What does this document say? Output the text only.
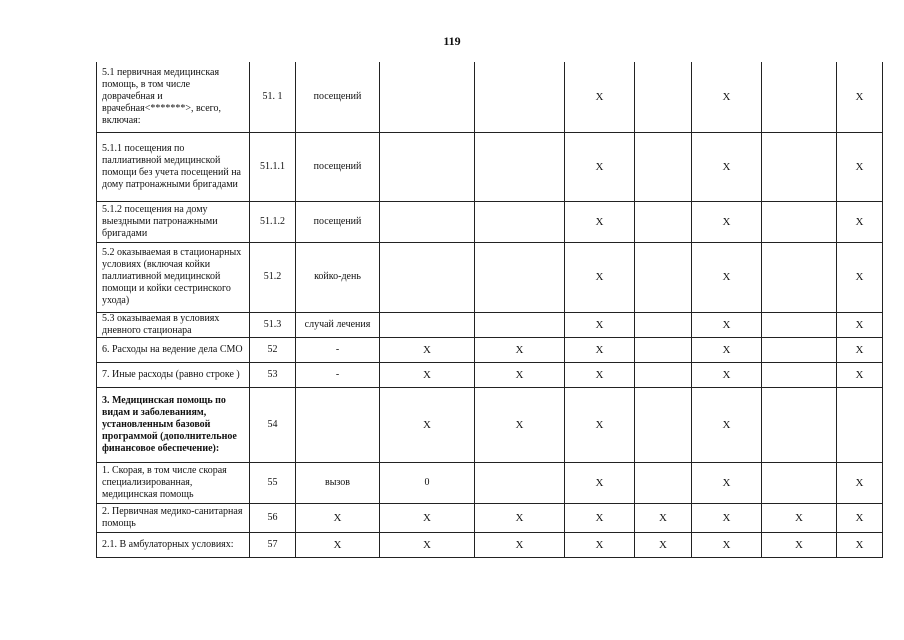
119
5.1 первичная медицинская помощь, в том числе доврачебная и врачебная<*******>, всего, включая:	51. 1	посещений			X		X		X
5.1.1 посещения по паллиативной медицинской помощи без учета посещений на дому патронажными бригадами	51.1.1	посещений			X		X		X
5.1.2 посещения на дому выездными патронажными бригадами	51.1.2	посещений			X		X		X
5.2 оказываемая в стационарных условиях (включая койки паллиативной медицинской помощи и койки сестринского ухода)	51.2	койко-день			X		X		X
5.3 оказываемая в условиях дневного стационара	51.3	случай лечения			X		X		X
6. Расходы на ведение дела СМО	52	-	X	X	X		X		X
7. Иные расходы (равно строке )	53	-	X	X	X		X		X
3. Медицинская помощь по видам и заболеваниям, установленным базовой программой (дополнительное финансовое обеспечение):	54		X	X	X		X		
1. Скорая, в том числе скорая специализированная, медицинская помощь	55	вызов	0		X		X		X
2. Первичная медико-санитарная помощь	56	X	X	X	X	X	X	X	X
2.1. В амбулаторных условиях:	57	X	X	X	X	X	X	X	X
